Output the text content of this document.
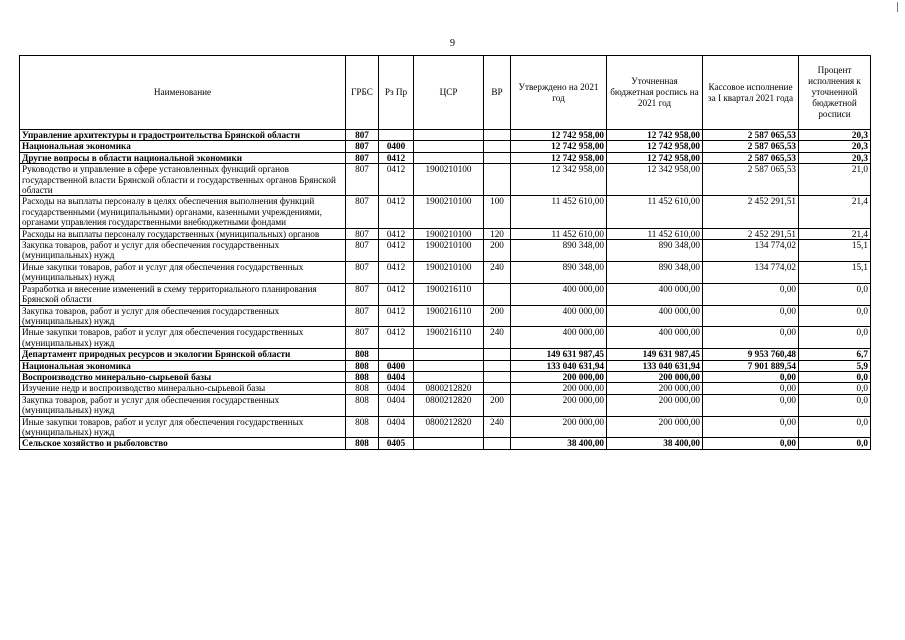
9
Наименование	ГРБС	Рз Пр	ЦСР	ВР	Утверждено на 2021 год	Уточненная бюджетная роспись на 2021 год	Кассовое исполнение за I квартал 2021 года	Процент исполнения к уточненной бюджетной росписи
Управление архитектуры и градостроительства Брянской области	807				12 742 958,00	12 742 958,00	2 587 065,53	20,3
Национальная экономика	807	0400			12 742 958,00	12 742 958,00	2 587 065,53	20,3
Другие вопросы в области национальной экономики	807	0412			12 742 958,00	12 742 958,00	2 587 065,53	20,3
Руководство и управление в сфере установленных функций органов государственной власти Брянской области и государственных органов Брянской области	807	0412	1900210100		12 342 958,00	12 342 958,00	2 587 065,53	21,0
Расходы на выплаты персоналу в целях обеспечения выполнения функций государственными (муниципальными) органами, казенными учреждениями, органами управления государственными внебюджетными фондами	807	0412	1900210100	100	11 452 610,00	11 452 610,00	2 452 291,51	21,4
Расходы на выплаты персоналу государственных (муниципальных) органов	807	0412	1900210100	120	11 452 610,00	11 452 610,00	2 452 291,51	21,4
Закупка товаров, работ и услуг для обеспечения государственных (муниципальных) нужд	807	0412	1900210100	200	890 348,00	890 348,00	134 774,02	15,1
Иные закупки товаров, работ и услуг для обеспечения государственных (муниципальных) нужд	807	0412	1900210100	240	890 348,00	890 348,00	134 774,02	15,1
Разработка и внесение изменений в схему территориального планирования Брянской области	807	0412	1900216110		400 000,00	400 000,00	0,00	0,0
Закупка товаров, работ и услуг для обеспечения государственных (муниципальных) нужд	807	0412	1900216110	200	400 000,00	400 000,00	0,00	0,0
Иные закупки товаров, работ и услуг для обеспечения государственных (муниципальных) нужд	807	0412	1900216110	240	400 000,00	400 000,00	0,00	0,0
Департамент природных ресурсов и экологии Брянской области	808				149 631 987,45	149 631 987,45	9 953 760,48	6,7
Национальная экономика	808	0400			133 040 631,94	133 040 631,94	7 901 889,54	5,9
Воспроизводство минерально-сырьевой базы	808	0404			200 000,00	200 000,00	0,00	0,0
Изучение недр и воспроизводство минерально-сырьевой базы	808	0404	0800212820		200 000,00	200 000,00	0,00	0,0
Закупка товаров, работ и услуг для обеспечения государственных (муниципальных) нужд	808	0404	0800212820	200	200 000,00	200 000,00	0,00	0,0
Иные закупки товаров, работ и услуг для обеспечения государственных (муниципальных) нужд	808	0404	0800212820	240	200 000,00	200 000,00	0,00	0,0
Сельское хозяйство и рыболовство	808	0405			38 400,00	38 400,00	0,00	0,0
